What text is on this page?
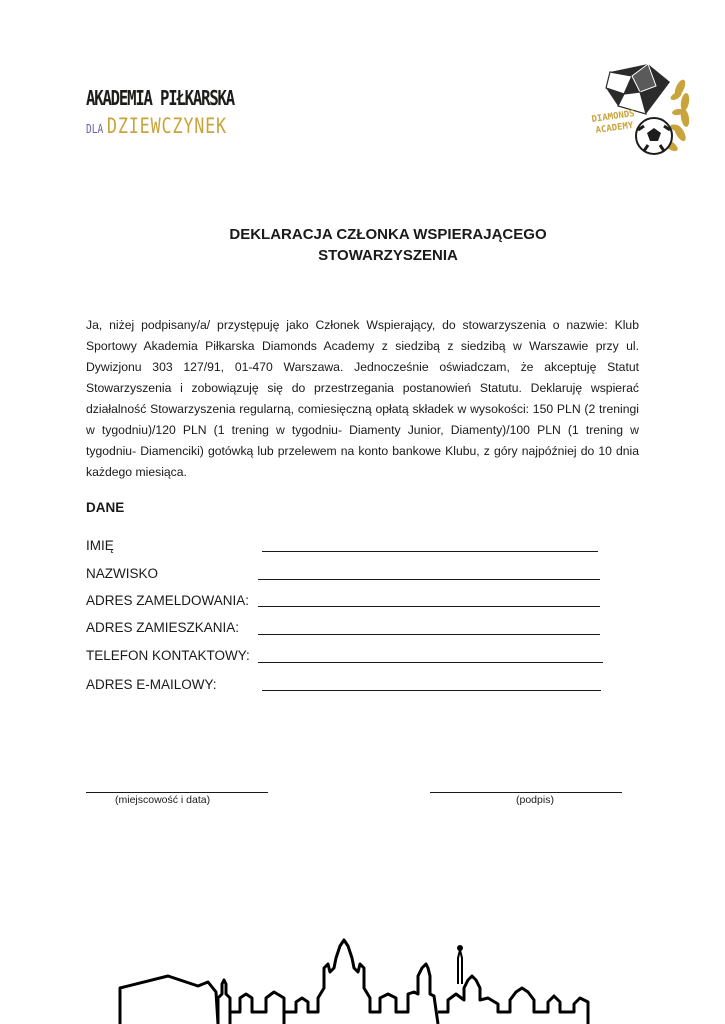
AKADEMIA PIŁKARSKA
DLA DZIEWCZYNEK	DIAMONDS
ACADEMY
DEKLARACJA CZŁONKA WSPIERAJĄCEGO
STOWARZYSZENIA
Ja, niżej podpisany/a/ przystępuję jako Członek Wspierający, do stowarzyszenia o nazwie: Klub Sportowy Akademia Piłkarska Diamonds Academy z siedzibą z siedzibą w Warszawie przy ul. Dywizjonu 303 127/91, 01-470 Warszawa. Jednocześnie oświadczam, że akceptuję Statut Stowarzyszenia i zobowiązuję się do przestrzegania postanowień Statutu. Deklaruję wspierać działalność Stowarzyszenia regularną, comiesięczną opłatą składek w wysokości: 150 PLN (2 treningi w tygodniu)/120 PLN (1 trening w tygodniu- Diamenty Junior, Diamenty)/100 PLN (1 trening w tygodniu- Diamenciki) gotówką lub przelewem na konto bankowe Klubu, z góry najpóźniej do 10 dnia każdego miesiąca.
DANE
IMIĘ
NAZWISKO
ADRES ZAMELDOWANIA:
ADRES ZAMIESZKANIA:
TELEFON KONTAKTOWY:
ADRES E-MAILOWY:
(miejscowość i data)	(podpis)
